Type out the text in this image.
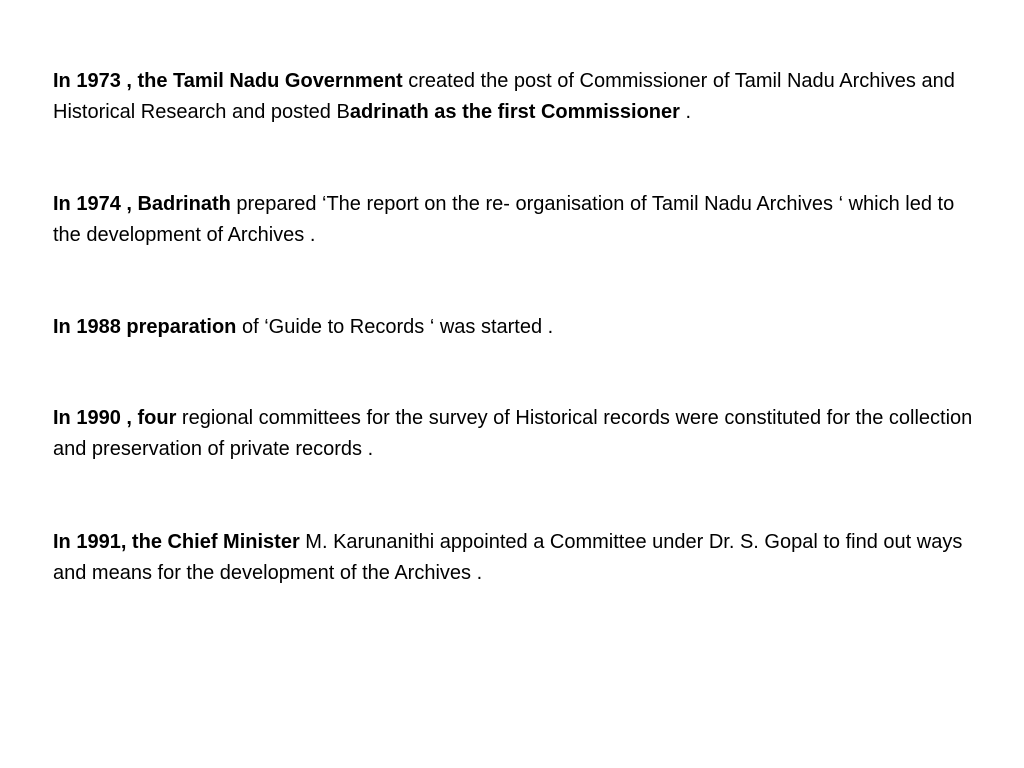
In 1973 , the Tamil Nadu Government created the post of Commissioner of Tamil Nadu Archives and Historical Research and posted Badrinath as the first Commissioner .

In 1974 , Badrinath prepared ‘The report on the re- organisation of Tamil Nadu Archives ‘ which led to the development of Archives .

In 1988 preparation of ‘Guide to Records ‘ was started .

In 1990 , four regional committees for the survey of Historical records were constituted for the collection and preservation of private records .

In 1991, the Chief Minister M. Karunanithi appointed a Committee under Dr. S. Gopal to find out ways and means for the development of the Archives .
